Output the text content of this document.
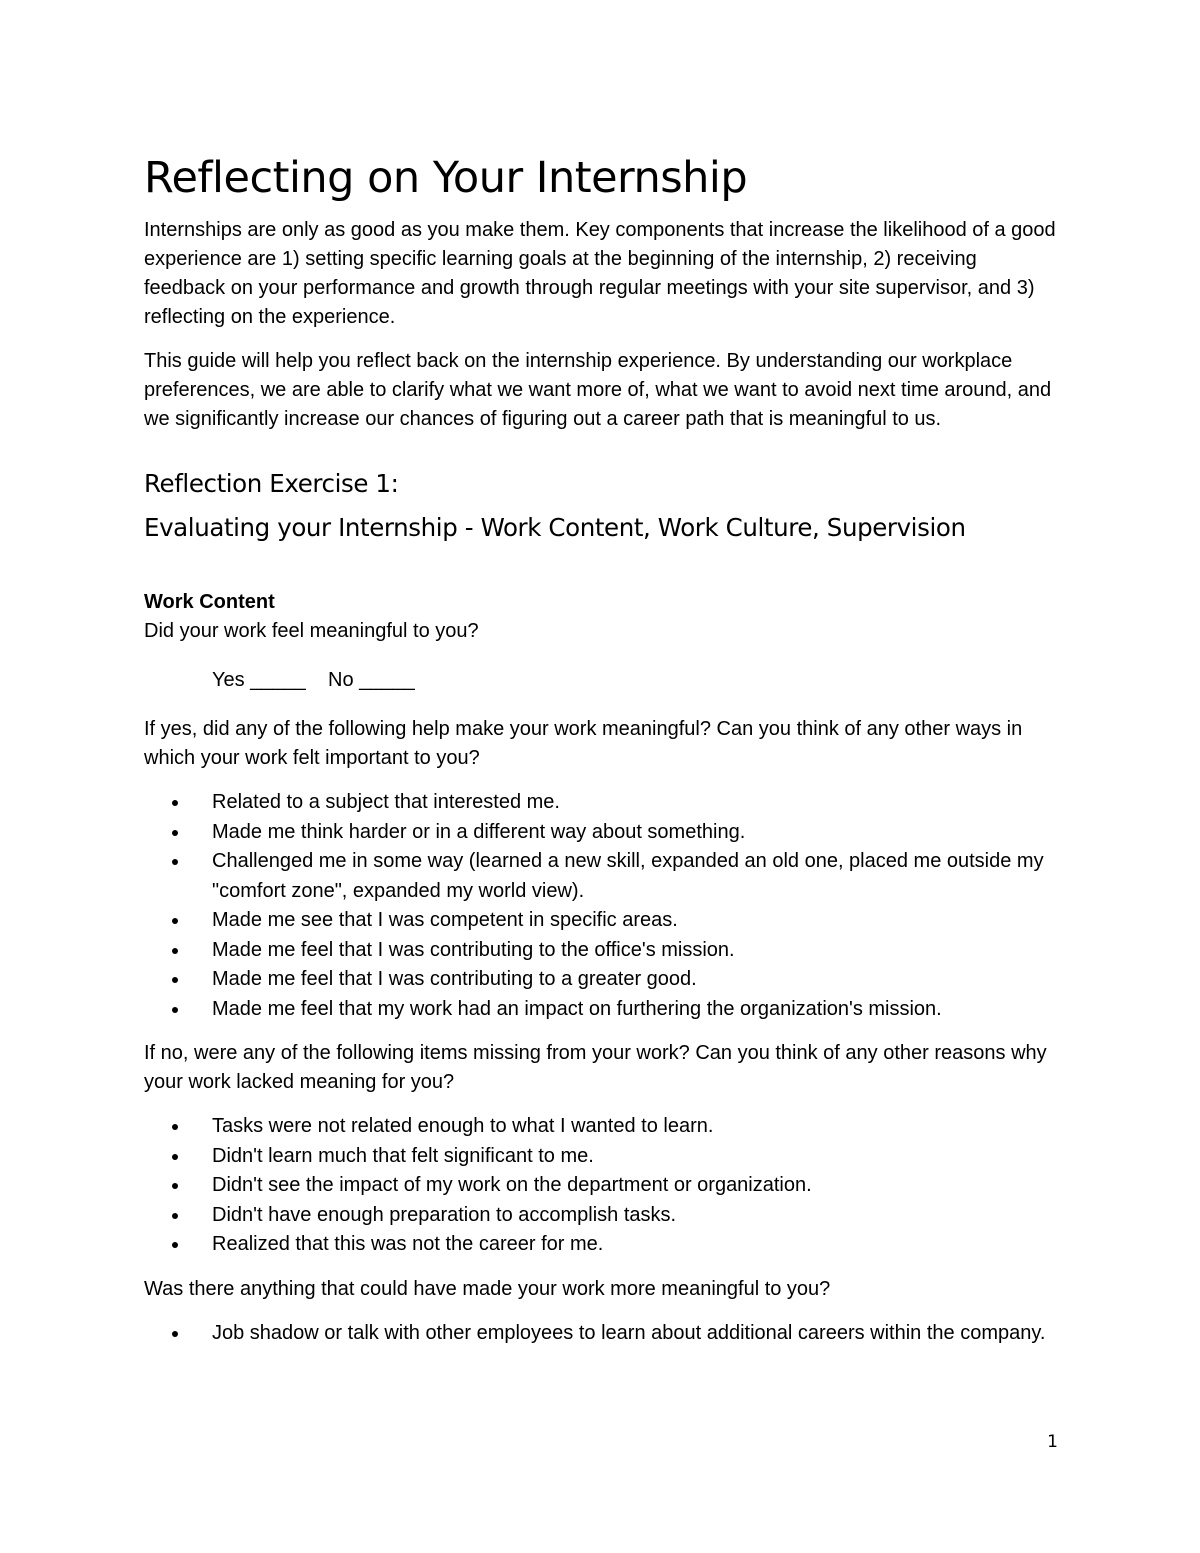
Reflecting on Your Internship

Internships are only as good as you make them. Key components that increase the likelihood of a good experience are 1) setting specific learning goals at the beginning of the internship, 2) receiving feedback on your performance and growth through regular meetings with your site supervisor, and 3) reflecting on the experience.

This guide will help you reflect back on the internship experience. By understanding our workplace preferences, we are able to clarify what we want more of, what we want to avoid next time around, and we significantly increase our chances of figuring out a career path that is meaningful to us.

Reflection Exercise 1:
Evaluating your Internship - Work Content, Work Culture, Supervision
Work Content

Did your work feel meaningful to you?

Yes _____    No _____

If yes, did any of the following help make your work meaningful? Can you think of any other ways in which your work felt important to you?

Related to a subject that interested me.
Made me think harder or in a different way about something.
Challenged me in some way (learned a new skill, expanded an old one, placed me outside my "comfort zone", expanded my world view).
Made me see that I was competent in specific areas.
Made me feel that I was contributing to the office's mission.
Made me feel that I was contributing to a greater good.
Made me feel that my work had an impact on furthering the organization's mission.

If no, were any of the following items missing from your work? Can you think of any other reasons why your work lacked meaning for you?

Tasks were not related enough to what I wanted to learn.
Didn't learn much that felt significant to me.
Didn't see the impact of my work on the department or organization.
Didn't have enough preparation to accomplish tasks.
Realized that this was not the career for me.

Was there anything that could have made your work more meaningful to you?

Job shadow or talk with other employees to learn about additional careers within the company.
1
